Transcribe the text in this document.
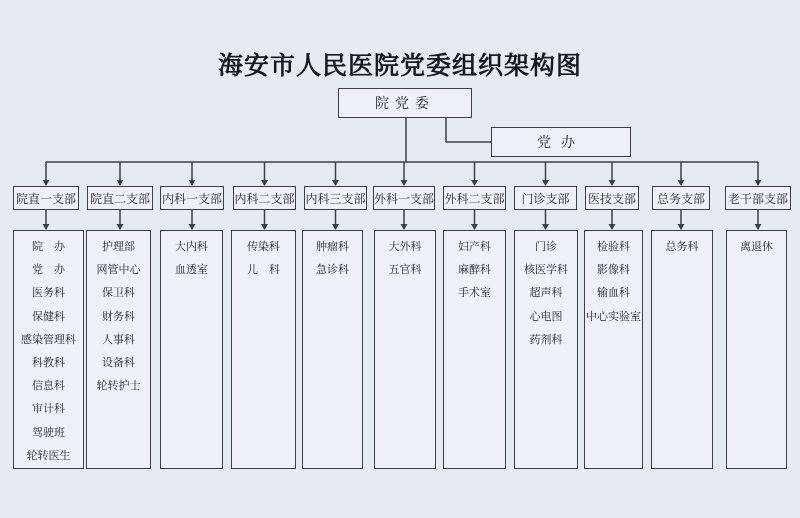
海安市人民医院党委组织架构图
院党委
党办
院直一支部
院　办
党　办
医务科
保健科
感染管理科
科教科
信息科
审计科
驾驶班
轮转医生
院直二支部
护理部
网管中心
保卫科
财务科
人事科
设备科
轮转护士
内科一支部
大内科
血透室
内科二支部
传染科
儿　科
内科三支部
肿瘤科
急诊科
外科一支部
大外科
五官科
外科二支部
妇产科
麻醉科
手术室
门诊支部
门诊
核医学科
超声科
心电图
药剂科
医技支部
检验科
影像科
输血科
中心实验室
总务支部
总务科
老干部支部
离退休
